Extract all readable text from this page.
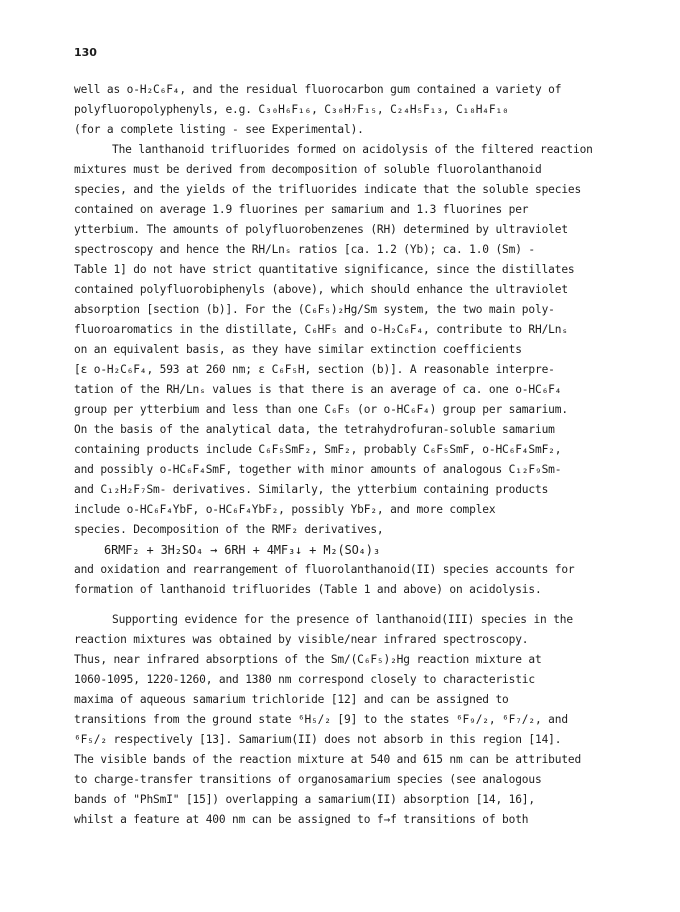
130
well as o-H₂C₆F₄, and the residual fluorocarbon gum contained a variety of
polyfluoropolyphenyls, e.g. C₃₀H₆F₁₆, C₃₀H₇F₁₅, C₂₄H₅F₁₃, C₁₈H₄F₁₀
(for a complete listing - see Experimental).
The lanthanoid trifluorides formed on acidolysis of the filtered reaction
mixtures must be derived from decomposition of soluble fluorolanthanoid
species, and the yields of the trifluorides indicate that the soluble species
contained on average 1.9 fluorines per samarium and 1.3 fluorines per
ytterbium. The amounts of polyfluorobenzenes (RH) determined by ultraviolet
spectroscopy and hence the RH/Lnₛ ratios [ca. 1.2 (Yb); ca. 1.0 (Sm) -
Table 1] do not have strict quantitative significance, since the distillates
contained polyfluorobiphenyls (above), which should enhance the ultraviolet
absorption [section (b)]. For the (C₆F₅)₂Hg/Sm system, the two main poly-
fluoroaromatics in the distillate, C₆HF₅ and o-H₂C₆F₄, contribute to RH/Lnₛ
on an equivalent basis, as they have similar extinction coefficients
[ε o-H₂C₆F₄, 593 at 260 nm; ε C₆F₅H, section (b)]. A reasonable interpre-
tation of the RH/Lnₛ values is that there is an average of ca. one o-HC₆F₄
group per ytterbium and less than one C₆F₅ (or o-HC₆F₄) group per samarium.
On the basis of the analytical data, the tetrahydrofuran-soluble samarium
containing products include C₆F₅SmF₂, SmF₂, probably C₆F₅SmF, o-HC₆F₄SmF₂,
and possibly o-HC₆F₄SmF, together with minor amounts of analogous C₁₂F₉Sm-
and C₁₂H₂F₇Sm- derivatives. Similarly, the ytterbium containing products
include o-HC₆F₄YbF, o-HC₆F₄YbF₂, possibly YbF₂, and more complex
species. Decomposition of the RMF₂ derivatives,
6RMF₂ + 3H₂SO₄ → 6RH + 4MF₃↓ + M₂(SO₄)₃
and oxidation and rearrangement of fluorolanthanoid(II) species accounts for
formation of lanthanoid trifluorides (Table 1 and above) on acidolysis.
Supporting evidence for the presence of lanthanoid(III) species in the
reaction mixtures was obtained by visible/near infrared spectroscopy.
Thus, near infrared absorptions of the Sm/(C₆F₅)₂Hg reaction mixture at
1060-1095, 1220-1260, and 1380 nm correspond closely to characteristic
maxima of aqueous samarium trichloride [12] and can be assigned to
transitions from the ground state ⁶H₅/₂ [9] to the states ⁶F₉/₂, ⁶F₇/₂, and
⁶F₅/₂ respectively [13]. Samarium(II) does not absorb in this region [14].
The visible bands of the reaction mixture at 540 and 615 nm can be attributed
to charge-transfer transitions of organosamarium species (see analogous
bands of "PhSmI" [15]) overlapping a samarium(II) absorption [14, 16],
whilst a feature at 400 nm can be assigned to f→f transitions of both
